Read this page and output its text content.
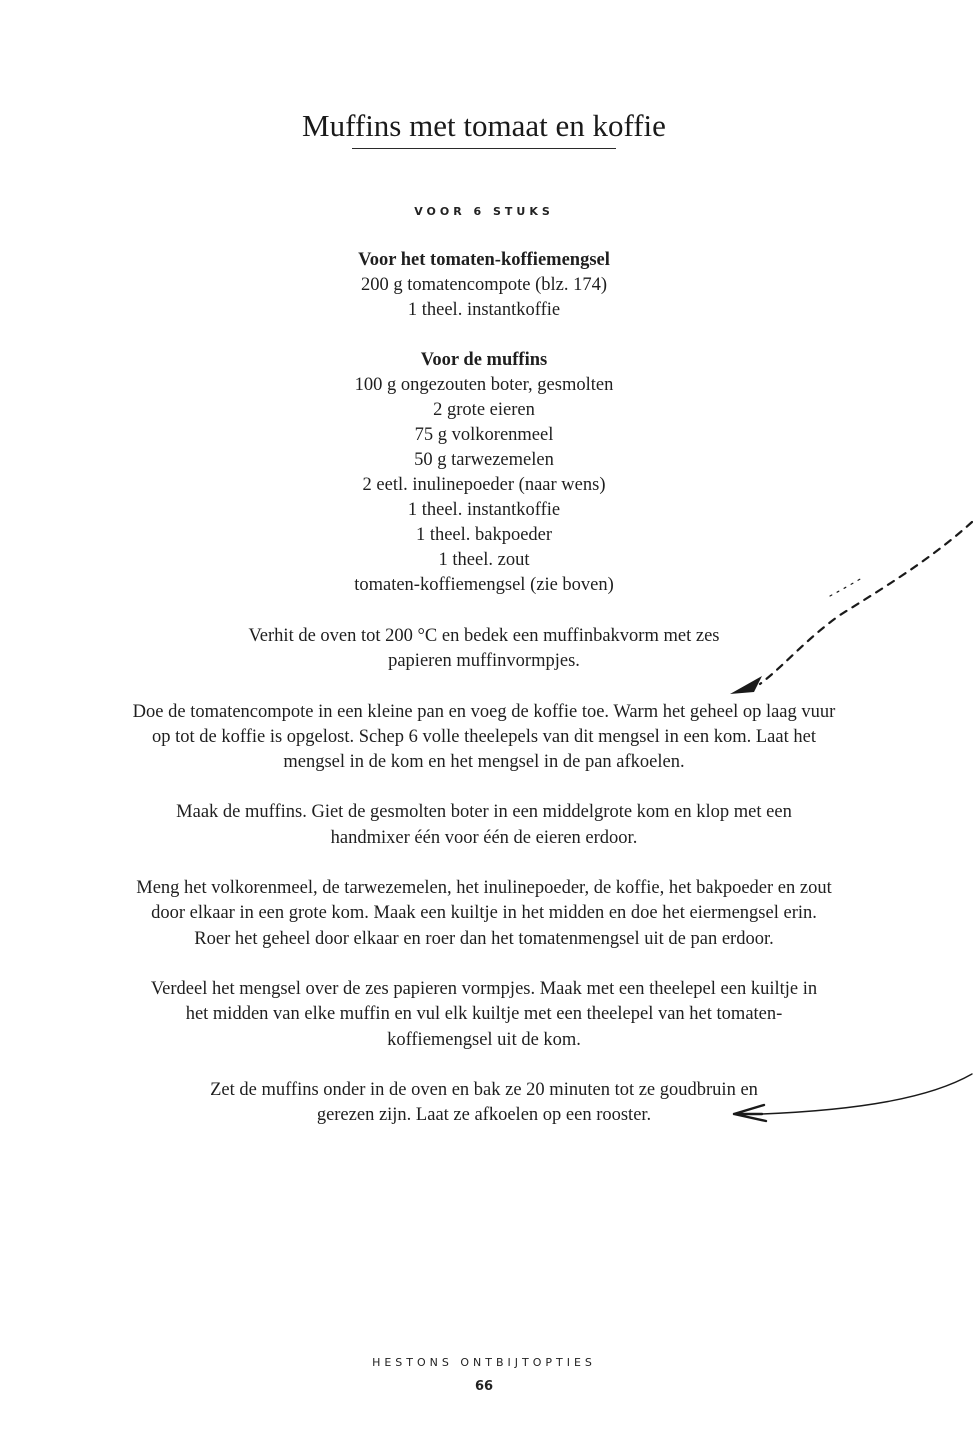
Muffins met tomaat en koffie
VOOR 6 STUKS
Voor het tomaten-koffiemengsel
200 g tomatencompote (blz. 174)
1 theel. instantkoffie
Voor de muffins
100 g ongezouten boter, gesmolten
2 grote eieren
75 g volkorenmeel
50 g tarwezemelen
2 eetl. inulinepoeder (naar wens)
1 theel. instantkoffie
1 theel. bakpoeder
1 theel. zout
tomaten-koffiemengsel (zie boven)

Verhit de oven tot 200 °C en bedek een muffinbakvorm met zes papieren muffinvormpjes.

Doe de tomatencompote in een kleine pan en voeg de koffie toe. Warm het geheel op laag vuur op tot de koffie is opgelost. Schep 6 volle theelepels van dit mengsel in een kom. Laat het mengsel in de kom en het mengsel in de pan afkoelen.

Maak de muffins. Giet de gesmolten boter in een middelgrote kom en klop met een handmixer één voor één de eieren erdoor.

Meng het volkorenmeel, de tarwezemelen, het inulinepoeder, de koffie, het bakpoeder en zout door elkaar in een grote kom. Maak een kuiltje in het midden en doe het eiermengsel erin. Roer het geheel door elkaar en roer dan het tomatenmengsel uit de pan erdoor.

Verdeel het mengsel over de zes papieren vormpjes. Maak met een theelepel een kuiltje in het midden van elke muffin en vul elk kuiltje met een theelepel van het tomaten-koffiemengsel uit de kom.

Zet de muffins onder in de oven en bak ze 20 minuten tot ze goudbruin en gerezen zijn. Laat ze afkoelen op een rooster.

HESTONS ONTBIJTOPTIES
66
